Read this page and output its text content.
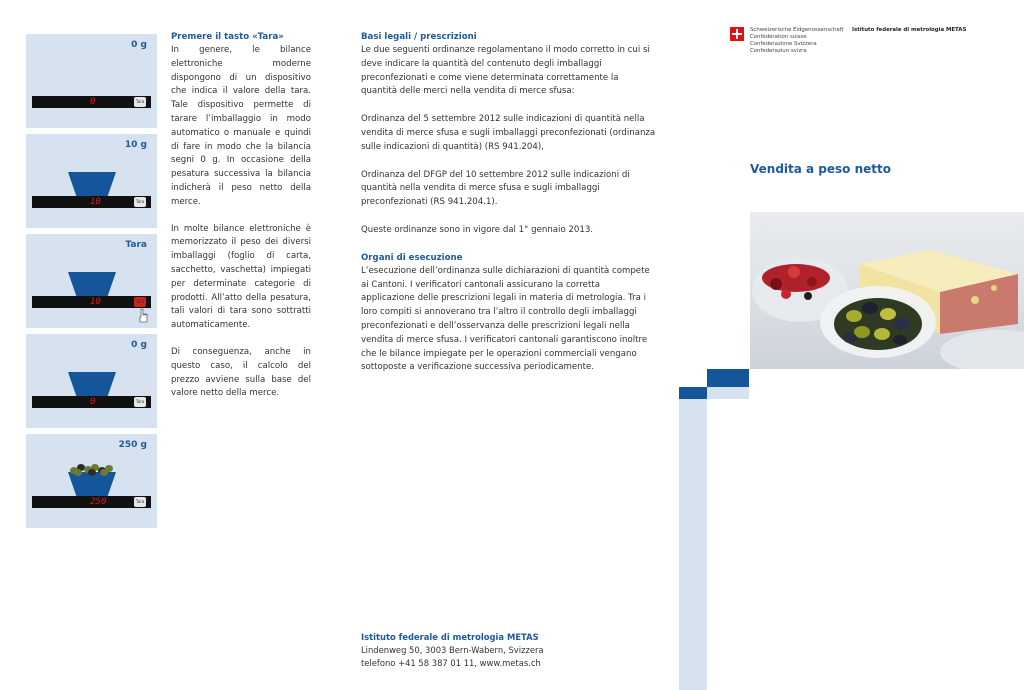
0 g
0	Tara
10 g
10	Tara
Tara
10	Tara
0 g
0	Tara
250 g
250	Tara
Premere il tasto «Tara»

In genere, le bilance elettroniche moderne dispongono di un dispositivo che indica il valore della tara. Tale dispositivo permette di tarare l’imballaggio in modo automatico o manuale e quindi di fare in modo che la bilancia segni 0 g. In occasione della pesatura successiva la bilancia indicherà il peso netto della merce.

In molte bilance elettroniche è memorizzato il peso dei diversi imballaggi (foglio di carta, sacchetto, vaschetta) impiegati per determinate categorie di prodotti. All’atto della pesatura, tali valori di tara sono sottratti automaticamente.

Di conseguenza, anche in questo caso, il calcolo del prezzo avviene sulla base del valore netto della merce.

Basi legali / prescrizioni

Le due seguenti ordinanze regolamentano il modo corretto in cui si deve indicare la quantità del contenuto degli imballaggi preconfezionati e come viene determinata correttamente la quantità delle merci nella vendita di merce sfusa:

Ordinanza del 5 settembre 2012 sulle indicazioni di quantità nella vendita di merce sfusa e sugli imballaggi preconfezionati (ordinanza sulle indicazioni di quantità) (RS 941.204),

Ordinanza del DFGP del 10 settembre 2012 sulle indicazioni di quantità nella vendita di merce sfusa e sugli imballaggi preconfezionati (RS 941.204.1).

Queste ordinanze sono in vigore dal 1° gennaio 2013.

Organi di esecuzione

L’esecuzione dell’ordinanza sulle dichiarazioni di quantità compete ai Cantoni. I verificatori cantonali assicurano la corretta applicazione delle prescrizioni legali in materia di metrologia. Tra i loro compiti si annoverano tra l’altro il controllo degli imballaggi preconfezionati e dell’osservanza delle prescrizioni legali nella vendita di merce sfusa. I verificatori cantonali garantiscono inoltre che le bilance impiegate per le operazioni commerciali vengano sottoposte a verificazione successiva periodicamente.

Istituto federale di metrologia METAS
Lindenweg 50, 3003 Bern-Wabern, Svizzera
telefono +41 58 387 01 11, www.metas.ch
Schweizerische Eidgenossenschaft
Confédération suisse
Confederazione Svizzera
Confederaziun svizra
Istituto federale di metrologia METAS
Vendita a peso netto
